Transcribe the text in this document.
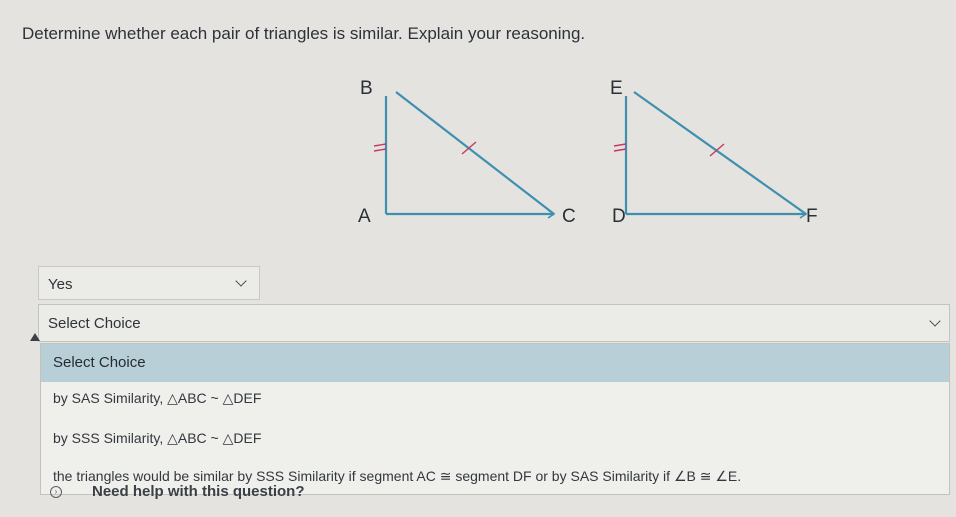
Determine whether each pair of triangles is similar. Explain your reasoning.
B
A	C
E
D	F
Yes
Select Choice
Select Choice
by SAS Similarity, △ABC ~ △DEF
by SSS Similarity, △ABC ~ △DEF
the triangles would be similar by SSS Similarity if segment AC ≅ segment DF or by SAS Similarity if ∠B ≅ ∠E.
›	Need help with this question?
